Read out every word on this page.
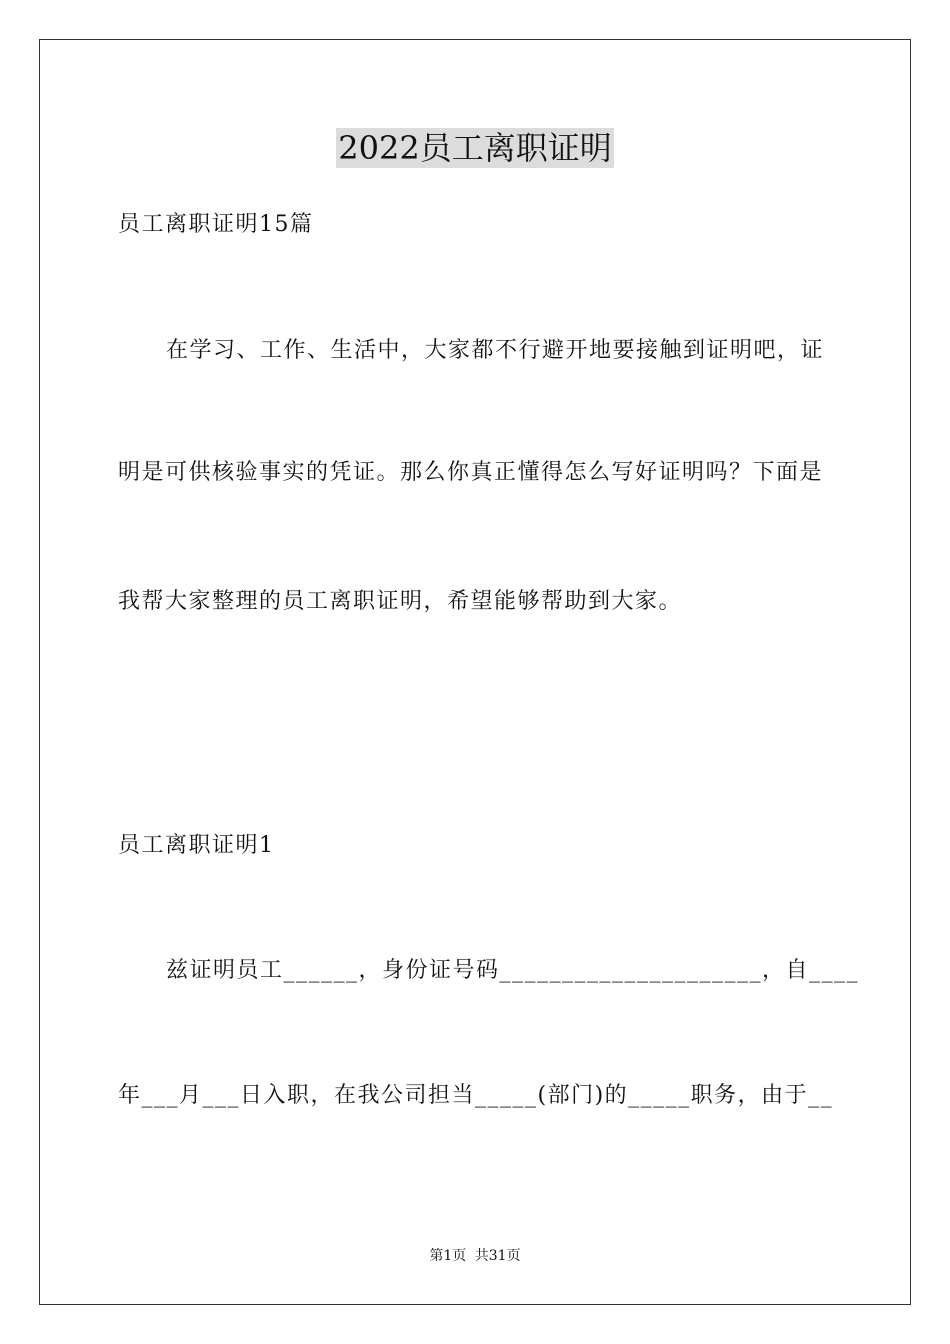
2022员工离职证明
员工离职证明15篇
在学习、工作、生活中，大家都不行避开地要接触到证明吧，证
明是可供核验事实的凭证。那么你真正懂得怎么写好证明吗？下面是
我帮大家整理的员工离职证明，希望能够帮助到大家。
员工离职证明1
兹证明员工______，身份证号码_____________________，自____
年___月___日入职，在我公司担当_____(部门)的_____职务，由于__
第1页 共31页
